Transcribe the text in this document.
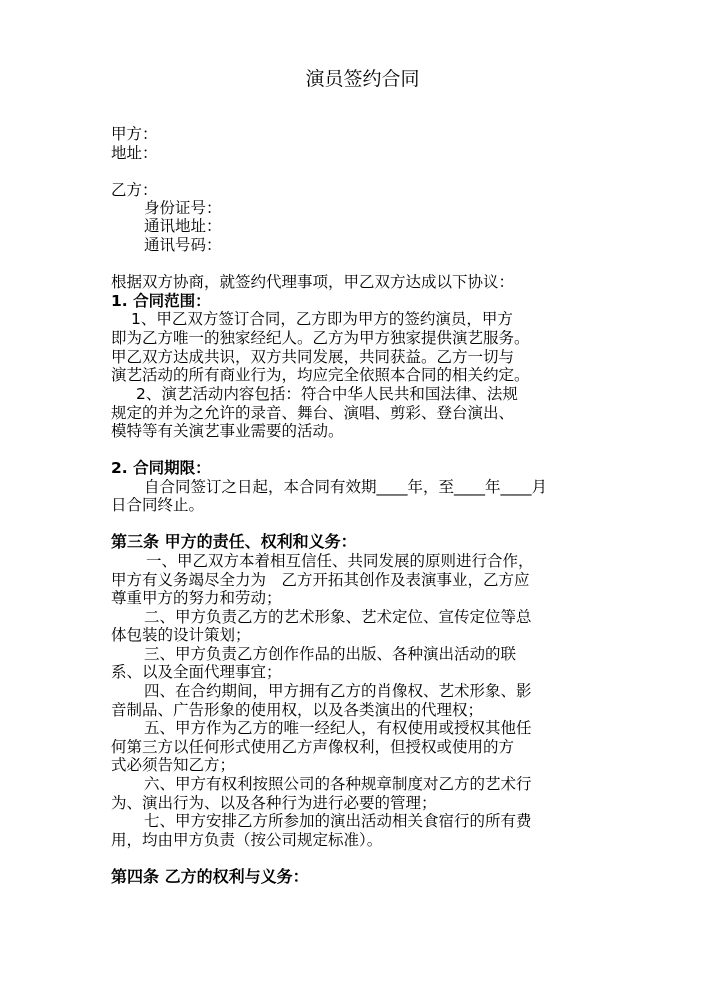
演员签约合同
甲方：
地址：
乙方：
身份证号：
通讯地址：
通讯号码：
根据双方协商，就签约代理事项，甲乙双方达成以下协议：
1. 合同范围：
1、甲乙双方签订合同，乙方即为甲方的签约演员，甲方
即为乙方唯一的独家经纪人。乙方为甲方独家提供演艺服务。
甲乙双方达成共识，双方共同发展，共同获益。乙方一切与
演艺活动的所有商业行为，均应完全依照本合同的相关约定。
2、演艺活动内容包括：符合中华人民共和国法律、法规
规定的并为之允许的录音、舞台、演唱、剪彩、登台演出、
模特等有关演艺事业需要的活动。
2. 合同期限：
自合同签订之日起，本合同有效期____年，至____年____月
日合同终止。
第三条 甲方的责任、权利和义务：
一、甲乙双方本着相互信任、共同发展的原则进行合作，
甲方有义务竭尽全力为　乙方开拓其创作及表演事业，乙方应
尊重甲方的努力和劳动；
二、甲方负责乙方的艺术形象、艺术定位、宣传定位等总
体包装的设计策划；
三、甲方负责乙方创作作品的出版、各种演出活动的联
系、以及全面代理事宜；
四、在合约期间，甲方拥有乙方的肖像权、艺术形象、影
音制品、广告形象的使用权，以及各类演出的代理权；
五、甲方作为乙方的唯一经纪人，有权使用或授权其他任
何第三方以任何形式使用乙方声像权利，但授权或使用的方
式必须告知乙方；
六、甲方有权利按照公司的各种规章制度对乙方的艺术行
为、演出行为、以及各种行为进行必要的管理；
七、甲方安排乙方所参加的演出活动相关食宿行的所有费
用，均由甲方负责（按公司规定标准）。
第四条 乙方的权利与义务：
